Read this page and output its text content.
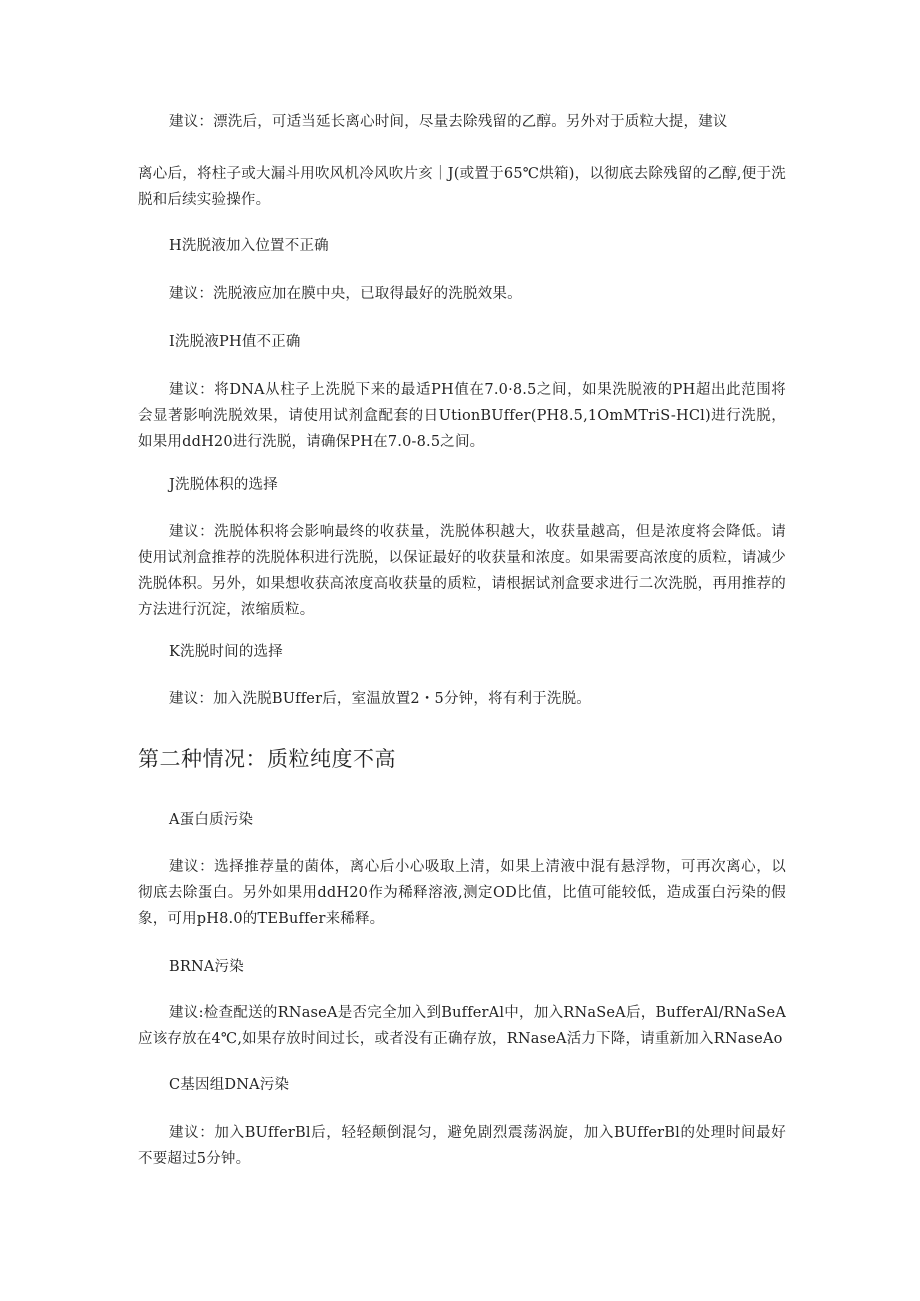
建议：漂洗后，可适当延长离心时间，尽量去除残留的乙醇。另外对于质粒大提，建议

离心后，将柱子或大漏斗用吹风机冷风吹片亥｜J(或置于65℃烘箱)，以彻底去除残留的乙醇,便于洗脱和后续实验操作。

H洗脱液加入位置不正确

建议：洗脱液应加在膜中央，已取得最好的洗脱效果。

I洗脱液PH值不正确

建议：将DNA从柱子上洗脱下来的最适PH值在7.0·8.5之间，如果洗脱液的PH超出此范围将会显著影响洗脱效果，请使用试剂盒配套的日UtionBUffer(PH8.5,1OmMTriS-HCl)进行洗脱，如果用ddH20进行洗脱，请确保PH在7.0-8.5之间。

J洗脱体积的选择

建议：洗脱体积将会影响最终的收获量，洗脱体积越大，收获量越高，但是浓度将会降低。请使用试剂盒推荐的洗脱体积进行洗脱，以保证最好的收获量和浓度。如果需要高浓度的质粒，请减少洗脱体积。另外，如果想收获高浓度高收获量的质粒，请根据试剂盒要求进行二次洗脱，再用推荐的方法进行沉淀，浓缩质粒。

K洗脱时间的选择

建议：加入洗脱BUffer后，室温放置2・5分钟，将有利于洗脱。

第二种情况：质粒纯度不高

A蛋白质污染

建议：选择推荐量的菌体，离心后小心吸取上清，如果上清液中混有悬浮物，可再次离心，以彻底去除蛋白。另外如果用ddH20作为稀释溶液,测定OD比值，比值可能较低，造成蛋白污染的假象，可用pH8.0的TEBuffer来稀释。

BRNA污染

建议:检查配送的RNaseA是否完全加入到BufferAl中，加入RNaSeA后，BufferAl/RNaSeA应该存放在4℃,如果存放时间过长，或者没有正确存放，RNaseA活力下降，请重新加入RNaseAo

C基因组DNA污染

建议：加入BUfferBl后，轻轻颠倒混匀，避免剧烈震荡涡旋，加入BUfferBl的处理时间最好不要超过5分钟。
